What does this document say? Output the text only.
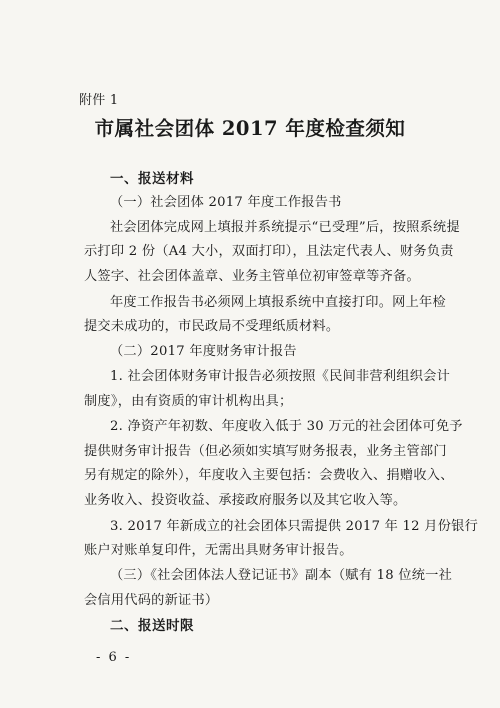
附件 1
市属社会团体 2017 年度检查须知
一、报送材料
（一）社会团体 2017 年度工作报告书
社会团体完成网上填报并系统提示“已受理”后，按照系统提
示打印 2 份（A4 大小，双面打印），且法定代表人、财务负责
人签字、社会团体盖章、业务主管单位初审签章等齐备。
年度工作报告书必须网上填报系统中直接打印。网上年检
提交未成功的，市民政局不受理纸质材料。
（二）2017 年度财务审计报告
1. 社会团体财务审计报告必须按照《民间非营利组织会计
制度》，由有资质的审计机构出具；
2. 净资产年初数、年度收入低于 30 万元的社会团体可免予
提供财务审计报告（但必须如实填写财务报表，业务主管部门
另有规定的除外），年度收入主要包括：会费收入、捐赠收入、
业务收入、投资收益、承接政府服务以及其它收入等。
3. 2017 年新成立的社会团体只需提供 2017 年 12 月份银行
账户对账单复印件，无需出具财务审计报告。
（三）《社会团体法人登记证书》副本（赋有 18 位统一社
会信用代码的新证书）
二、报送时限
- 6 -
